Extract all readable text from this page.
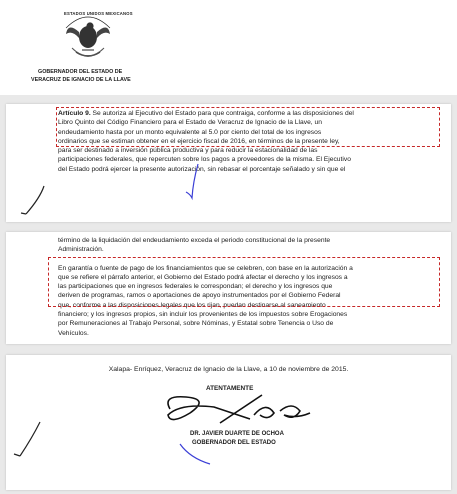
ESTADOS UNIDOS MEXICANOS
GOBERNADOR DEL ESTADO DE
VERACRUZ DE IGNACIO DE LA LLAVE
Artículo 9. Se autoriza al Ejecutivo del Estado para que contraiga, conforme a las disposiciones del
Libro Quinto del Código Financiero para el Estado de Veracruz de Ignacio de la Llave, un
endeudamiento hasta por un monto equivalente al 5.0 por ciento del total de los ingresos
ordinarios que se estiman obtener en el ejercicio fiscal de 2016, en términos de la presente ley,
para ser destinado a inversión pública productiva y para reducir la estacionalidad de las
participaciones federales, que repercuten sobre los pagos a proveedores de la misma. El Ejecutivo
del Estado podrá ejercer la presente autorización, sin rebasar el porcentaje señalado y sin que el
término de la liquidación del endeudamiento exceda el periodo constitucional de la presente
Administración.
En garantía o fuente de pago de los financiamientos que se celebren, con base en la autorización a
que se refiere el párrafo anterior, el Gobierno del Estado podrá afectar el derecho y los ingresos a
las participaciones que en ingresos federales le correspondan; el derecho y los ingresos que
deriven de programas, ramos o aportaciones de apoyo instrumentados por el Gobierno Federal
que, conforme a las disposiciones legales que los rijan, puedan destinarse al saneamiento
financiero; y los ingresos propios, sin incluir los provenientes de los impuestos sobre Erogaciones
por Remuneraciones al Trabajo Personal, sobre Nóminas, y Estatal sobre Tenencia o Uso de
Vehículos.
Xalapa- Enríquez, Veracruz de Ignacio de la Llave, a 10 de noviembre de 2015.
ATENTAMENTE
DR. JAVIER DUARTE DE OCHOA
GOBERNADOR DEL ESTADO
